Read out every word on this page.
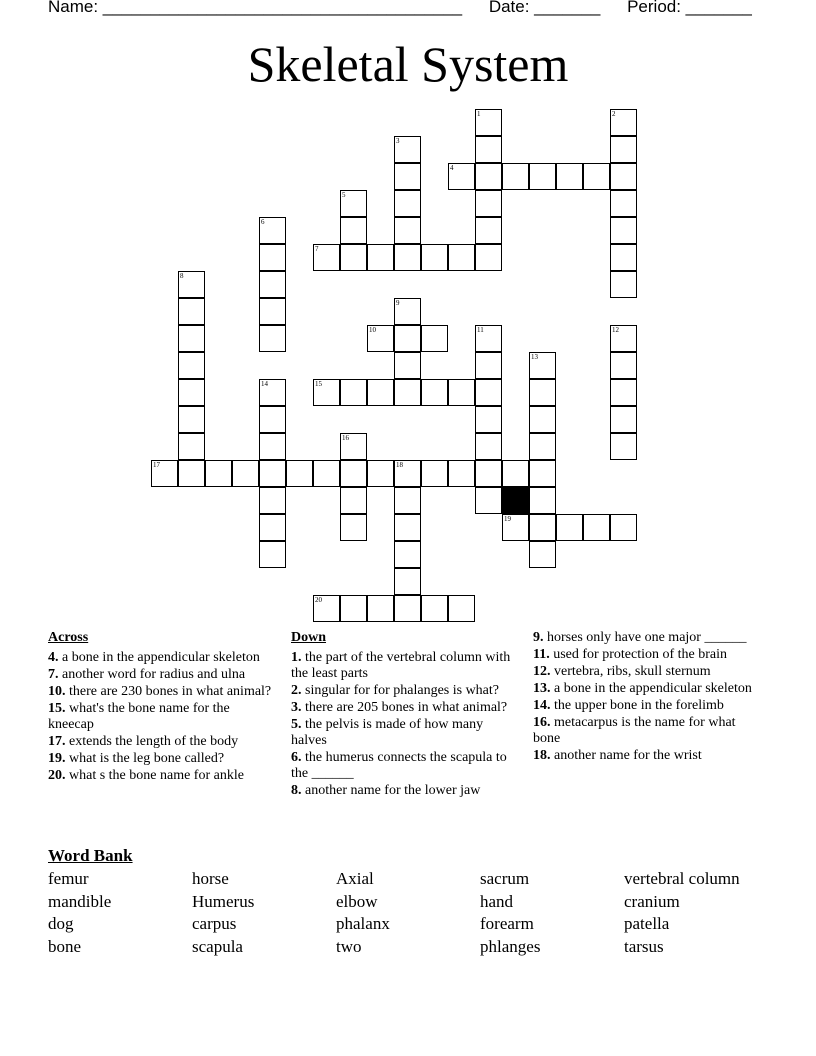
Name: ______________________________________ Date: _______ Period: _______
Skeletal System
1	2
3
4
5
6
7
8
9
10	11	12
13
14	15
16
17	18
19
20
Across
4. a bone in the appendicular skeleton
7. another word for radius and ulna
10. there are 230 bones in what animal?
15. what's the bone name for the kneecap
17. extends the length of the body
19. what is the leg bone called?
20. what s the bone name for ankle
Down
1. the part of the vertebral column with the least parts
2. singular for for phalanges is what?
3. there are 205 bones in what animal?
5. the pelvis is made of how many halves
6. the humerus connects the scapula to the ______
8. another name for the lower jaw
9. horses only have one major ______
11. used for protection of the brain
12. vertebra, ribs, skull sternum
13. a bone in the appendicular skeleton
14. the upper bone in the forelimb
16. metacarpus is the name for what bone
18. another name for the wrist
Word Bank
femur	horse	Axial	sacrum	vertebral column
mandible	Humerus	elbow	hand	cranium
dog	carpus	phalanx	forearm	patella
bone	scapula	two	phlanges	tarsus
